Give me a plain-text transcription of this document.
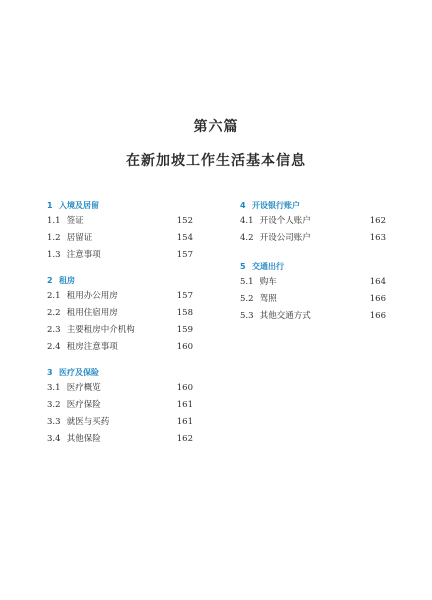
第六篇
在新加坡工作生活基本信息
1 入境及居留
1.1 签证	152
1.2 居留证	154
1.3 注意事项	157
2 租房
2.1 租用办公用房	157
2.2 租用住宿用房	158
2.3 主要租房中介机构	159
2.4 租房注意事项	160
3 医疗及保险
3.1 医疗概览	160
3.2 医疗保险	161
3.3 就医与买药	161
3.4 其他保险	162
4 开设银行账户
4.1 开设个人账户	162
4.2 开设公司账户	163
5 交通出行
5.1 购车	164
5.2 驾照	166
5.3 其他交通方式	166
